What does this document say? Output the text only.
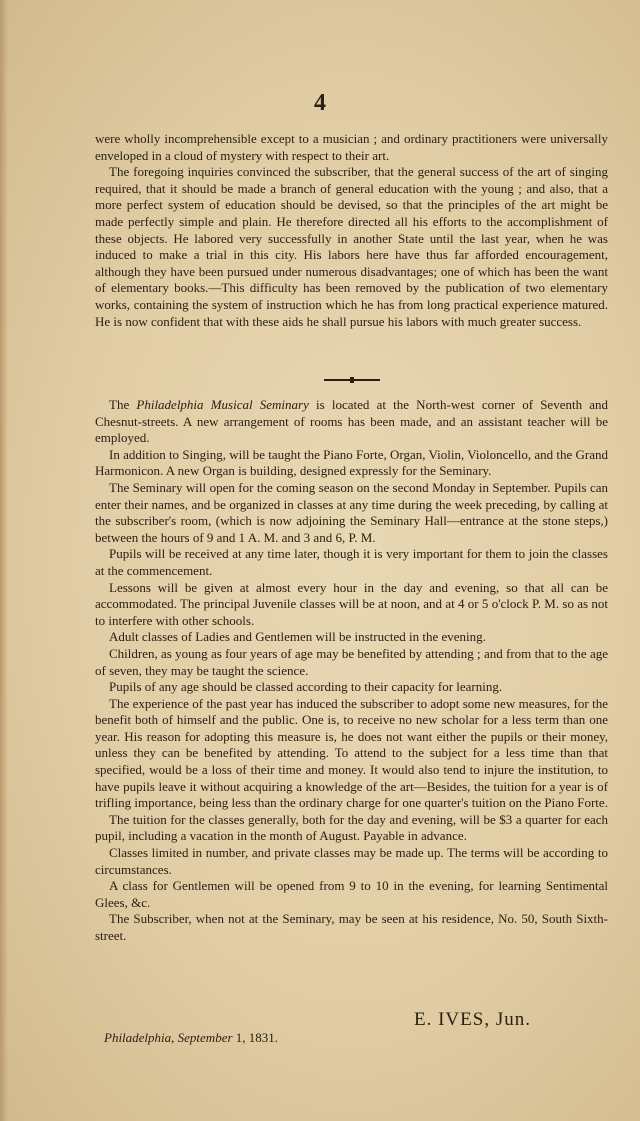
4

were wholly incomprehensible except to a musician ; and ordinary practitioners were universally enveloped in a cloud of mystery with respect to their art.

The foregoing inquiries convinced the subscriber, that the general success of the art of singing required, that it should be made a branch of general education with the young ; and also, that a more perfect system of education should be devised, so that the principles of the art might be made perfectly simple and plain. He therefore directed all his efforts to the accomplishment of these objects. He labored very successfully in another State until the last year, when he was induced to make a trial in this city. His labors here have thus far afforded encouragement, although they have been pursued under numerous disadvantages; one of which has been the want of elementary books.—This difficulty has been removed by the publication of two elementary works, containing the system of instruction which he has from long practical experience matured. He is now confident that with these aids he shall pursue his labors with much greater success.

The Philadelphia Musical Seminary is located at the North-west corner of Seventh and Chesnut-streets. A new arrangement of rooms has been made, and an assistant teacher will be employed.

In addition to Singing, will be taught the Piano Forte, Organ, Violin, Violoncello, and the Grand Harmonicon. A new Organ is building, designed expressly for the Seminary.

The Seminary will open for the coming season on the second Monday in September. Pupils can enter their names, and be organized in classes at any time during the week preceding, by calling at the subscriber's room, (which is now adjoining the Seminary Hall—entrance at the stone steps,) between the hours of 9 and 1 A. M. and 3 and 6, P. M.

Pupils will be received at any time later, though it is very important for them to join the classes at the commencement.

Lessons will be given at almost every hour in the day and evening, so that all can be accommodated. The principal Juvenile classes will be at noon, and at 4 or 5 o'clock P. M. so as not to interfere with other schools.

Adult classes of Ladies and Gentlemen will be instructed in the evening.

Children, as young as four years of age may be benefited by attending ; and from that to the age of seven, they may be taught the science.

Pupils of any age should be classed according to their capacity for learning.

The experience of the past year has induced the subscriber to adopt some new measures, for the benefit both of himself and the public. One is, to receive no new scholar for a less term than one year. His reason for adopting this measure is, he does not want either the pupils or their money, unless they can be benefited by attending. To attend to the subject for a less time than that specified, would be a loss of their time and money. It would also tend to injure the institution, to have pupils leave it without acquiring a knowledge of the art—Besides, the tuition for a year is of trifling importance, being less than the ordinary charge for one quarter's tuition on the Piano Forte.

The tuition for the classes generally, both for the day and evening, will be $3 a quarter for each pupil, including a vacation in the month of August. Payable in advance.

Classes limited in number, and private classes may be made up. The terms will be according to circumstances.

A class for Gentlemen will be opened from 9 to 10 in the evening, for learning Sentimental Glees, &c.

The Subscriber, when not at the Seminary, may be seen at his residence, No. 50, South Sixth-street.

E. IVES, Jun.
Philadelphia, September 1, 1831.
